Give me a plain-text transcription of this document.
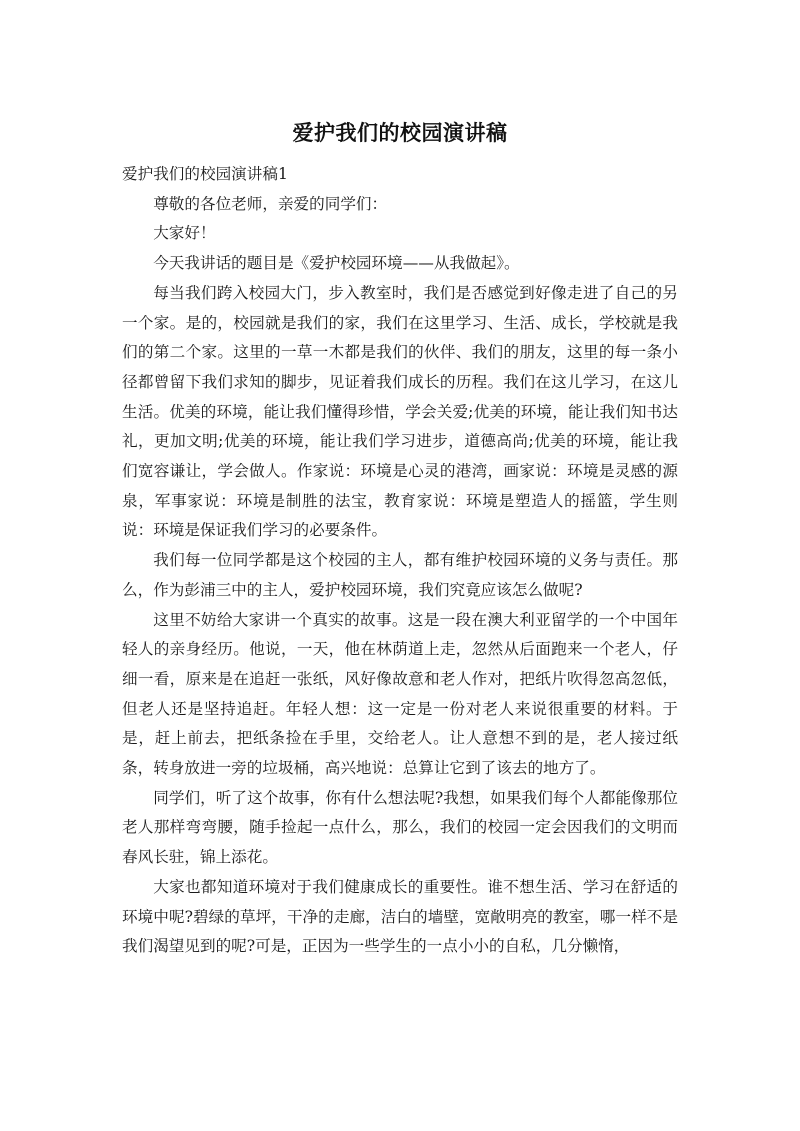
爱护我们的校园演讲稿

爱护我们的校园演讲稿1

尊敬的各位老师，亲爱的同学们：

大家好！

今天我讲话的题目是《爱护校园环境——从我做起》。

每当我们跨入校园大门，步入教室时，我们是否感觉到好像走进了自己的另一个家。是的，校园就是我们的家，我们在这里学习、生活、成长，学校就是我们的第二个家。这里的一草一木都是我们的伙伴、我们的朋友，这里的每一条小径都曾留下我们求知的脚步，见证着我们成长的历程。我们在这儿学习，在这儿生活。优美的环境，能让我们懂得珍惜，学会关爱;优美的环境，能让我们知书达礼，更加文明;优美的环境，能让我们学习进步，道德高尚;优美的环境，能让我们宽容谦让，学会做人。作家说：环境是心灵的港湾，画家说：环境是灵感的源泉，军事家说：环境是制胜的法宝，教育家说：环境是塑造人的摇篮，学生则说：环境是保证我们学习的必要条件。

我们每一位同学都是这个校园的主人，都有维护校园环境的义务与责任。那么，作为彭浦三中的主人，爱护校园环境，我们究竟应该怎么做呢?

这里不妨给大家讲一个真实的故事。这是一段在澳大利亚留学的一个中国年轻人的亲身经历。他说，一天，他在林荫道上走，忽然从后面跑来一个老人，仔细一看，原来是在追赶一张纸，风好像故意和老人作对，把纸片吹得忽高忽低，但老人还是坚持追赶。年轻人想：这一定是一份对老人来说很重要的材料。于是，赶上前去，把纸条捡在手里，交给老人。让人意想不到的是，老人接过纸条，转身放进一旁的垃圾桶，高兴地说：总算让它到了该去的地方了。

同学们，听了这个故事，你有什么想法呢?我想，如果我们每个人都能像那位老人那样弯弯腰，随手捡起一点什么，那么，我们的校园一定会因我们的文明而春风长驻，锦上添花。

大家也都知道环境对于我们健康成长的重要性。谁不想生活、学习在舒适的环境中呢?碧绿的草坪，干净的走廊，洁白的墙壁，宽敞明亮的教室，哪一样不是我们渴望见到的呢?可是，正因为一些学生的一点小小的自私，几分懒惰，
